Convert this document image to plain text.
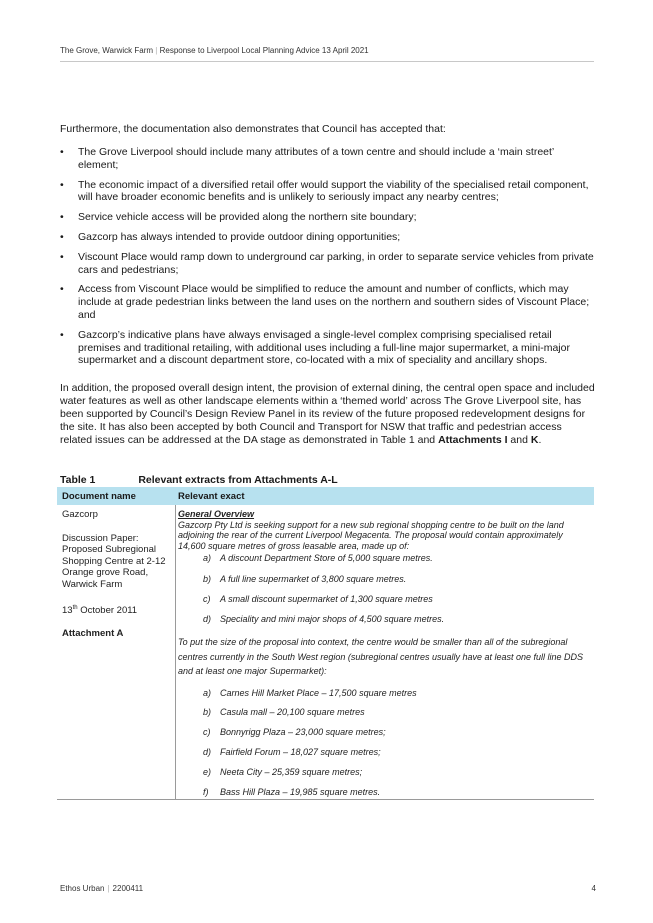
The Grove, Warwick Farm | Response to Liverpool Local Planning Advice 13 April 2021
Furthermore, the documentation also demonstrates that Council has accepted that:
• The Grove Liverpool should include many attributes of a town centre and should include a ‘main street’ element;
• The economic impact of a diversified retail offer would support the viability of the specialised retail component, will have broader economic benefits and is unlikely to seriously impact any nearby centres;
• Service vehicle access will be provided along the northern site boundary;
• Gazcorp has always intended to provide outdoor dining opportunities;
• Viscount Place would ramp down to underground car parking, in order to separate service vehicles from private cars and pedestrians;
• Access from Viscount Place would be simplified to reduce the amount and number of conflicts, which may include at grade pedestrian links between the land uses on the northern and southern sides of Viscount Place; and
• Gazcorp’s indicative plans have always envisaged a single-level complex comprising specialised retail premises and traditional retailing, with additional uses including a full-line major supermarket, a mini-major supermarket and a discount department store, co-located with a mix of speciality and ancillary shops.
In addition, the proposed overall design intent, the provision of external dining, the central open space and included water features as well as other landscape elements within a ‘themed world’ across The Grove Liverpool site, has been supported by Council’s Design Review Panel in its review of the future proposed redevelopment designs for the site. It has also been accepted by both Council and Transport for NSW that traffic and pedestrian access related issues can be addressed at the DA stage as demonstrated in Table 1 and Attachments I and K.
Table 1	Relevant extracts from Attachments A-L
Document name	Relevant exact
Gazcorp
Discussion Paper:
Proposed Subregional
Shopping Centre at 2-12
Orange grove Road,
Warwick Farm
13th October 2011
Attachment A
General Overview
Gazcorp Pty Ltd is seeking support for a new sub regional shopping centre to be built on the land adjoining the rear of the current Liverpool Megacenta. The proposal would contain approximately 14,600 square metres of gross leasable area, made up of:
a) A discount Department Store of 5,000 square metres.
b) A full line supermarket of 3,800 square metres.
c) A small discount supermarket of 1,300 square metres
d) Speciality and mini major shops of 4,500 square metres.
To put the size of the proposal into context, the centre would be smaller than all of the subregional centres currently in the South West region (subregional centres usually have at least one full line DDS and at least one major Supermarket):
a) Carnes Hill Market Place – 17,500 square metres
b) Casula mall – 20,100 square metres
c) Bonnyrigg Plaza – 23,000 square metres;
d) Fairfield Forum – 18,027 square metres;
e) Neeta City – 25,359 square metres;
f) Bass Hill Plaza – 19,985 square metres.
Ethos Urban | 2200411	4
